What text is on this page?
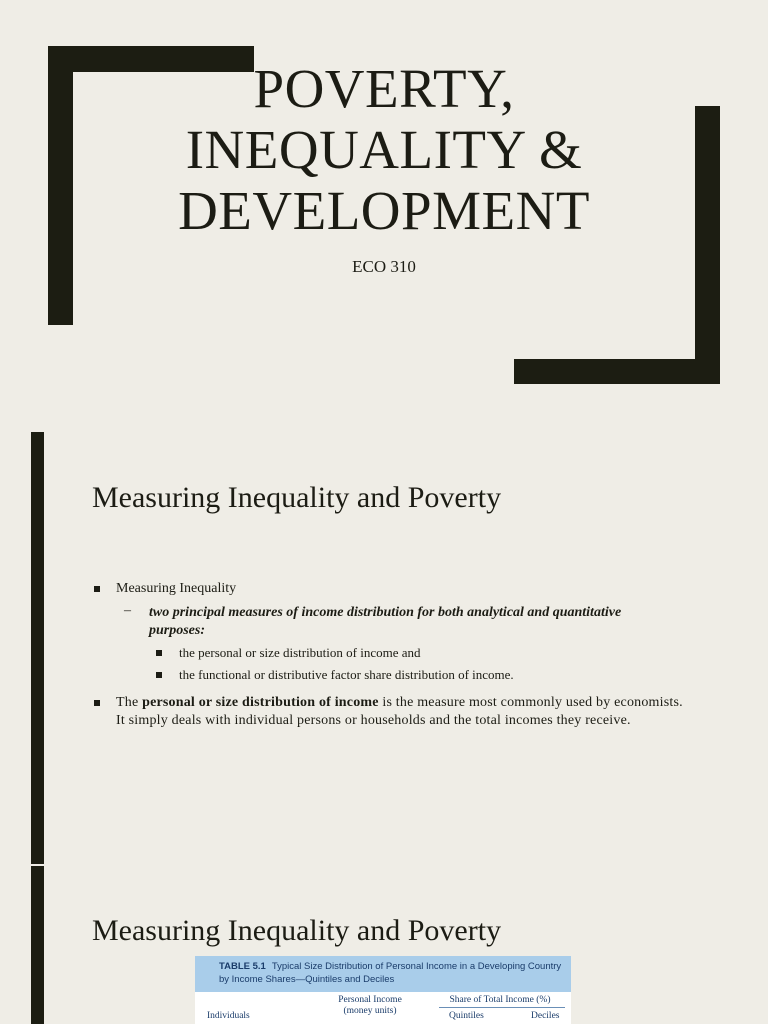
POVERTY,
INEQUALITY &
DEVELOPMENT
ECO 310
Measuring Inequality and Poverty
Measuring Inequality
– two principal measures of income distribution for both analytical and quantitative purposes:
the personal or size distribution of income and
the functional or distributive factor share distribution of income.
The personal or size distribution of income is the measure most commonly used by economists. It simply deals with individual persons or households and the total incomes they receive.
Measuring Inequality and Poverty
TABLE 5.1 Typical Size Distribution of Personal Income in a Developing Country by Income Shares—Quintiles and Deciles
Personal Income (money units)
Share of Total Income (%)
Individuals	Quintiles	Deciles
